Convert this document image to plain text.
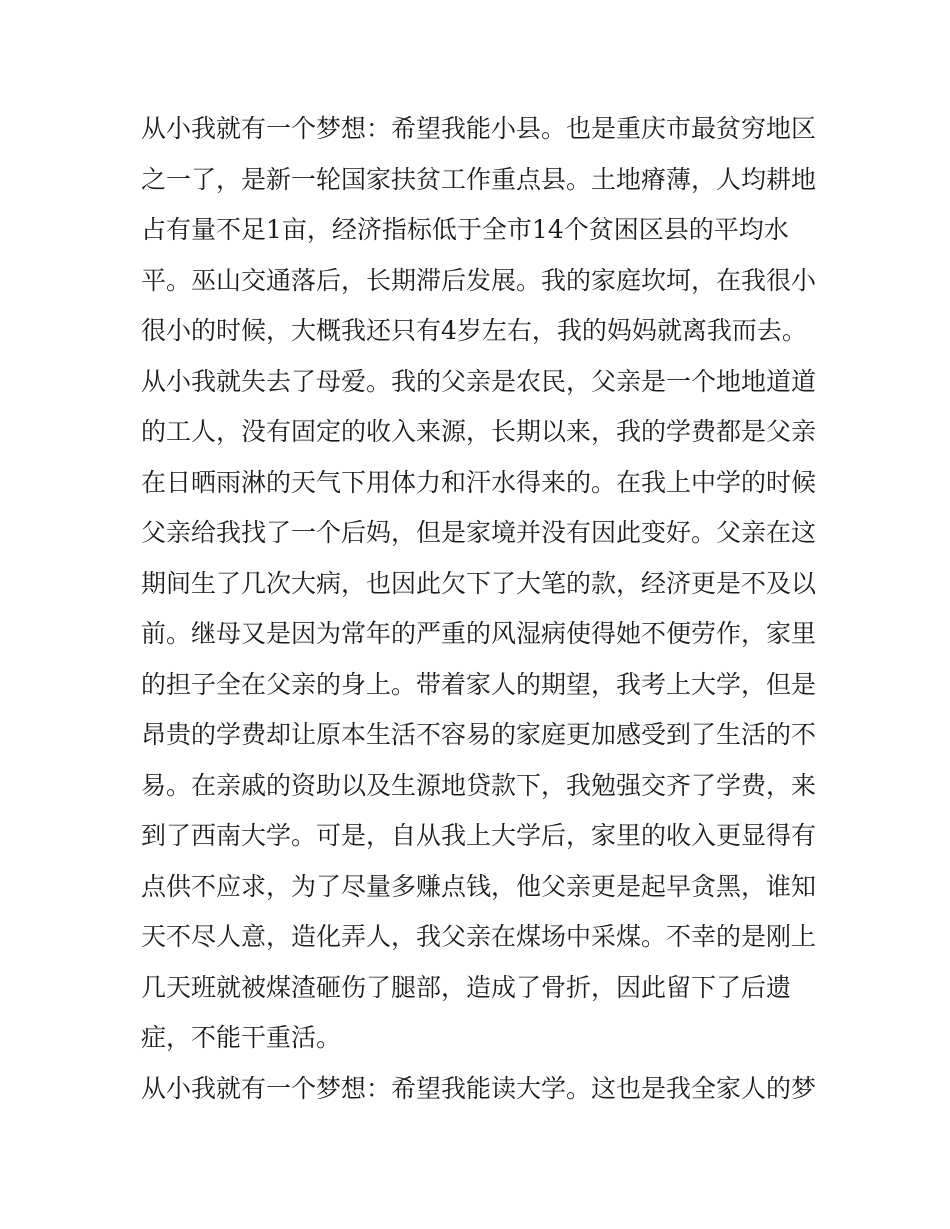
从小我就有一个梦想：希望我能小县。也是重庆市最贫穷地区
之一了，是新一轮国家扶贫工作重点县。土地瘠薄，人均耕地
占有量不足1亩，经济指标低于全市14个贫困区县的平均水
平。巫山交通落后，长期滞后发展。我的家庭坎坷，在我很小
很小的时候，大概我还只有4岁左右，我的妈妈就离我而去。
从小我就失去了母爱。我的父亲是农民，父亲是一个地地道道
的工人，没有固定的收入来源，长期以来，我的学费都是父亲
在日晒雨淋的天气下用体力和汗水得来的。在我上中学的时候
父亲给我找了一个后妈，但是家境并没有因此变好。父亲在这
期间生了几次大病，也因此欠下了大笔的款，经济更是不及以
前。继母又是因为常年的严重的风湿病使得她不便劳作，家里
的担子全在父亲的身上。带着家人的期望，我考上大学，但是
昂贵的学费却让原本生活不容易的家庭更加感受到了生活的不
易。在亲戚的资助以及生源地贷款下，我勉强交齐了学费，来
到了西南大学。可是，自从我上大学后，家里的收入更显得有
点供不应求，为了尽量多赚点钱，他父亲更是起早贪黑，谁知
天不尽人意，造化弄人，我父亲在煤场中采煤。不幸的是刚上
几天班就被煤渣砸伤了腿部，造成了骨折，因此留下了后遗
症，不能干重活。
从小我就有一个梦想：希望我能读大学。这也是我全家人的梦
